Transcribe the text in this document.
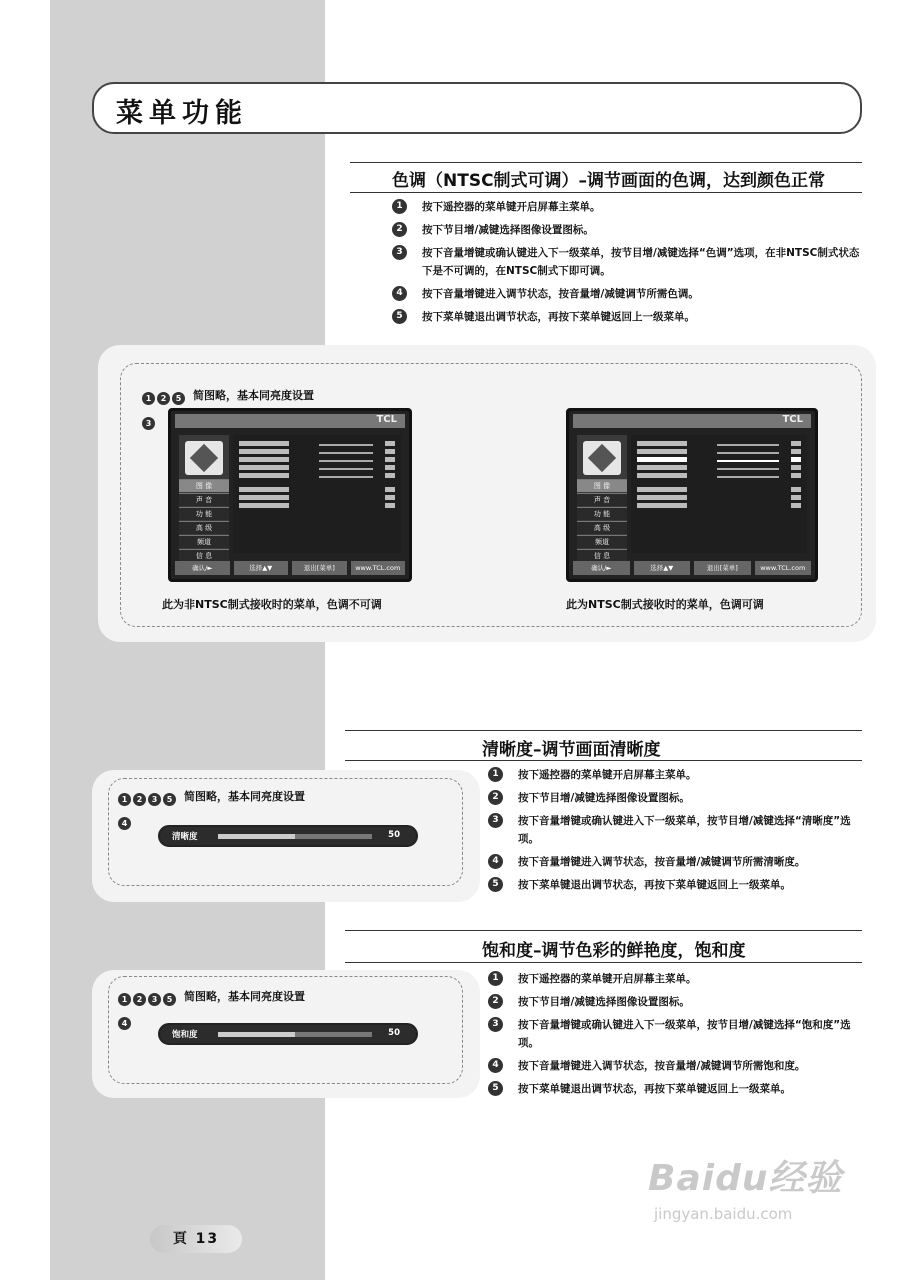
菜单功能
色调（NTSC制式可调）–调节画面的色调，达到颜色正常
1	按下遥控器的菜单键开启屏幕主菜单。
2	按下节目增/减键选择图像设置图标。
3	按下音量增键或确认键进入下一级菜单，按节目增/减键选择“色调”选项，在非NTSC制式状态下是不可调的，在NTSC制式下即可调。
4	按下音量增键进入调节状态，按音量增/减键调节所需色调。
5	按下菜单键退出调节状态，再按下菜单键返回上一级菜单。
1 2 5 简图略，基本同亮度设置
3	TCL
图 像
声 音
功 能
高 级
频道
信 息
确认/►	选择▲▼	退出[菜单]	www.TCL.com
此为非NTSC制式接收时的菜单，色调不可调
TCL
图 像
声 音
功 能
高 级
频道
信 息
确认/►	选择▲▼	退出[菜单]	www.TCL.com
此为NTSC制式接收时的菜单，色调可调
清晰度–调节画面清晰度
1	按下遥控器的菜单键开启屏幕主菜单。
2	按下节目增/减键选择图像设置图标。
3	按下音量增键或确认键进入下一级菜单，按节目增/减键选择“清晰度”选项。
4	按下音量增键进入调节状态，按音量增/减键调节所需清晰度。
5	按下菜单键退出调节状态，再按下菜单键返回上一级菜单。
1 2 3 5 简图略，基本同亮度设置
4
清晰度	50
饱和度–调节色彩的鲜艳度，饱和度
1	按下遥控器的菜单键开启屏幕主菜单。
2	按下节目增/减键选择图像设置图标。
3	按下音量增键或确认键进入下一级菜单，按节目增/减键选择“饱和度”选项。
4	按下音量增键进入调节状态，按音量增/减键调节所需饱和度。
5	按下菜单键退出调节状态，再按下菜单键返回上一级菜单。
1 2 3 5 简图略，基本同亮度设置
4
饱和度	50
頁 13
Baidu经验
jingyan.baidu.com
